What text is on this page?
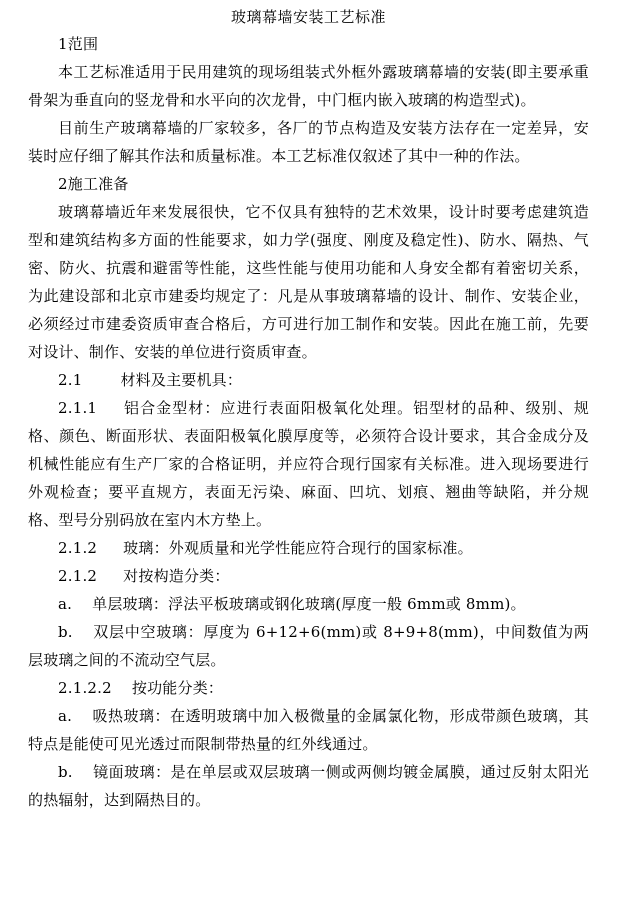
玻璃幕墙安装工艺标准

1范围

本工艺标准适用于民用建筑的现场组装式外框外露玻璃幕墙的安装(即主要承重骨架为垂直向的竖龙骨和水平向的次龙骨，中门框内嵌入玻璃的构造型式)。

目前生产玻璃幕墙的厂家较多，各厂的节点构造及安装方法存在一定差异，安装时应仔细了解其作法和质量标准。本工艺标准仅叙述了其中一种的作法。

2施工准备

玻璃幕墙近年来发展很快，它不仅具有独特的艺术效果，设计时要考虑建筑造型和建筑结构多方面的性能要求，如力学(强度、刚度及稳定性)、防水、隔热、气密、防火、抗震和避雷等性能，这些性能与使用功能和人身安全都有着密切关系，为此建设部和北京市建委均规定了：凡是从事玻璃幕墙的设计、制作、安装企业，必须经过市建委资质审查合格后，方可进行加工制作和安装。因此在施工前，先要对设计、制作、安装的单位进行资质审查。

2.1	材料及主要机具：

2.1.1 铝合金型材：应进行表面阳极氧化处理。铝型材的品种、级别、规格、颜色、断面形状、表面阳极氧化膜厚度等，必须符合设计要求，其合金成分及机械性能应有生产厂家的合格证明，并应符合现行国家有关标准。进入现场要进行外观检查；要平直规方，表面无污染、麻面、凹坑、划痕、翘曲等缺陷，并分规格、型号分别码放在室内木方垫上。

2.1.2 玻璃：外观质量和光学性能应符合现行的国家标准。

2.1.2 对按构造分类：

a. 单层玻璃：浮法平板玻璃或钢化玻璃(厚度一般 6mm或 8mm)。

b. 双层中空玻璃：厚度为 6+12+6(mm)或 8+9+8(mm)，中间数值为两层玻璃之间的不流动空气层。

2.1.2.2 按功能分类：

a. 吸热玻璃：在透明玻璃中加入极微量的金属氯化物，形成带颜色玻璃，其特点是能使可见光透过而限制带热量的红外线通过。

b. 镜面玻璃：是在单层或双层玻璃一侧或两侧均镀金属膜，通过反射太阳光的热辐射，达到隔热目的。
